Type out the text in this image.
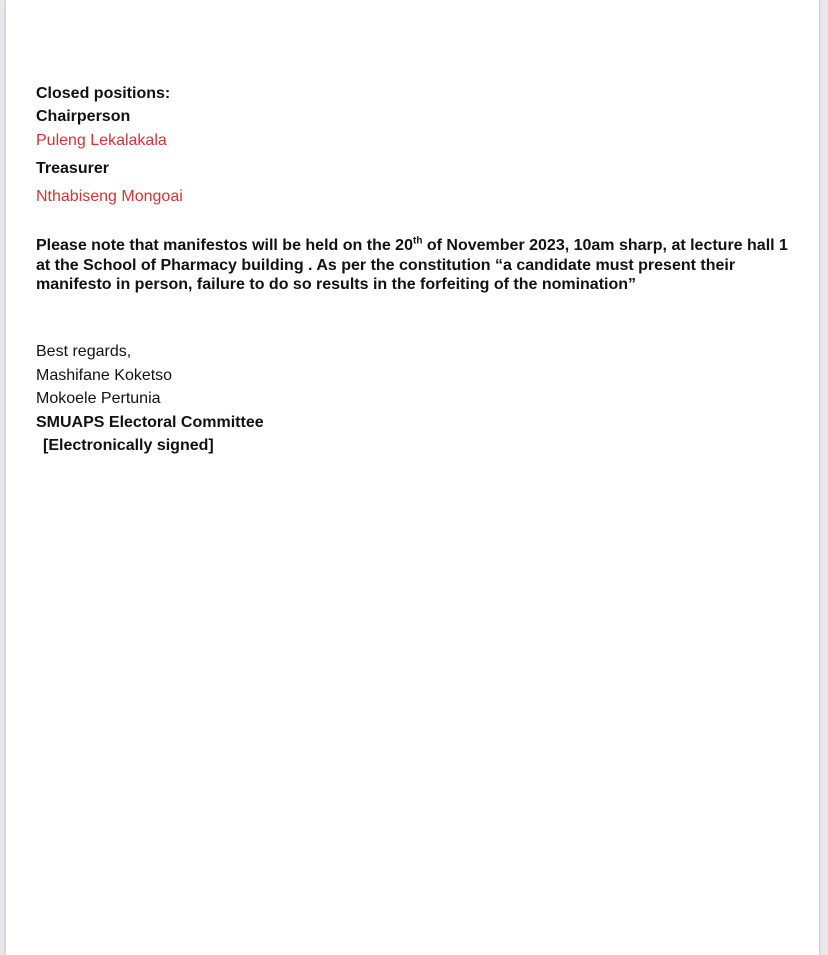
Closed positions:
Chairperson
Puleng Lekalakala
Treasurer
Nthabiseng Mongoai
Please note that manifestos will be held on the 20th of November 2023, 10am sharp, at lecture hall 1 at the School of Pharmacy building . As per the constitution “a candidate must present their manifesto in person, failure to do so results in the forfeiting of the nomination”
Best regards,
Mashifane Koketso
Mokoele Pertunia
SMUAPS Electoral Committee
[Electronically signed]
